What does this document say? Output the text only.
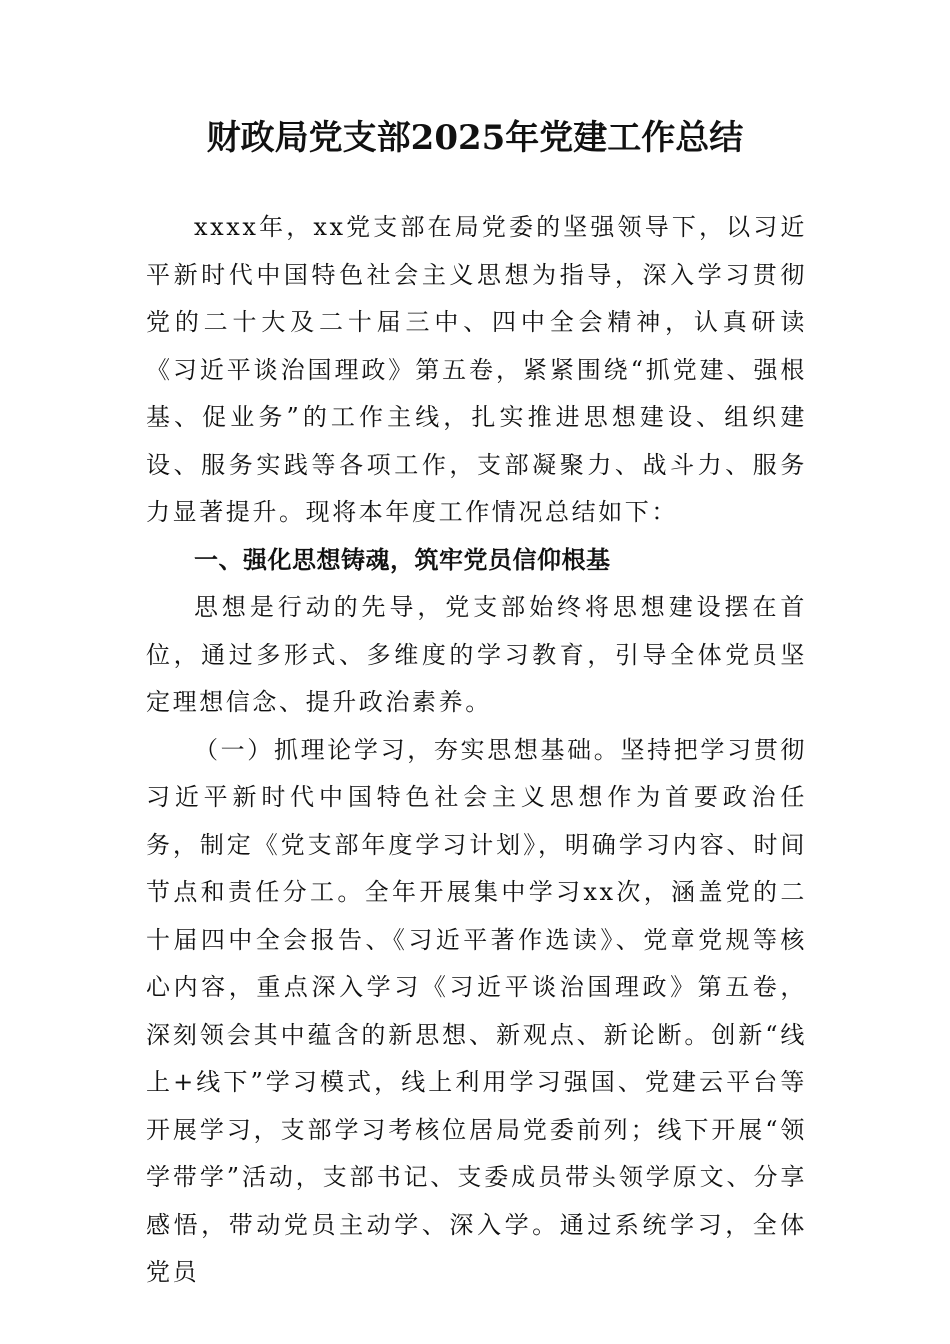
财政局党支部2025年党建工作总结

xxxx年，xx党支部在局党委的坚强领导下，以习近平新时代中国特色社会主义思想为指导，深入学习贯彻党的二十大及二十届三中、四中全会精神，认真研读《习近平谈治国理政》第五卷，紧紧围绕“抓党建、强根基、促业务”的工作主线，扎实推进思想建设、组织建设、服务实践等各项工作，支部凝聚力、战斗力、服务力显著提升。现将本年度工作情况总结如下：

一、强化思想铸魂，筑牢党员信仰根基

思想是行动的先导，党支部始终将思想建设摆在首位，通过多形式、多维度的学习教育，引导全体党员坚定理想信念、提升政治素养。

（一）抓理论学习，夯实思想基础。坚持把学习贯彻习近平新时代中国特色社会主义思想作为首要政治任务，制定《党支部年度学习计划》，明确学习内容、时间节点和责任分工。全年开展集中学习xx次，涵盖党的二十届四中全会报告、《习近平著作选读》、党章党规等核心内容，重点深入学习《习近平谈治国理政》第五卷，深刻领会其中蕴含的新思想、新观点、新论断。创新“线上+线下”学习模式，线上利用学习强国、党建云平台等开展学习，支部学习考核位居局党委前列；线下开展“领学带学”活动，支部书记、支委成员带头领学原文、分享感悟，带动党员主动学、深入学。通过系统学习，全体党员
